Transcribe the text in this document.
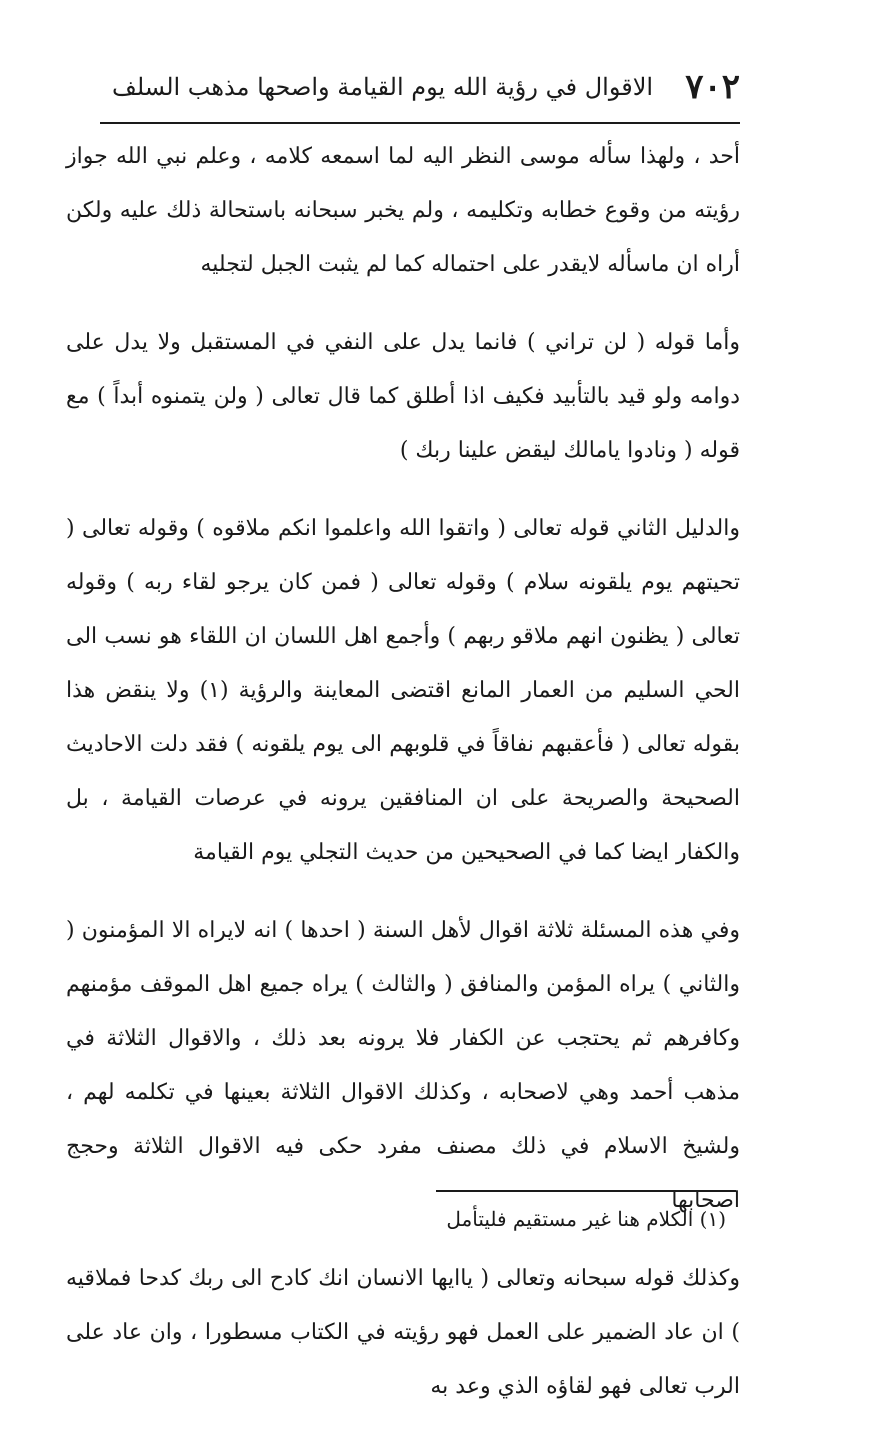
٧٠٢
الاقوال في رؤية الله يوم القيامة واصحها مذهب السلف

أحد ، ولهذا سأله موسى النظر اليه لما اسمعه كلامه ، وعلم نبي الله جواز رؤيته من وقوع خطابه وتكليمه ، ولم يخبر سبحانه باستحالة ذلك عليه ولكن أراه ان ماسأله لايقدر على احتماله كما لم يثبت الجبل لتجليه

وأما قوله ( لن تراني ) فانما يدل على النفي في المستقبل ولا يدل على دوامه ولو قيد بالتأبيد فكيف اذا أطلق كما قال تعالى ( ولن يتمنوه أبداً ) مع قوله ( ونادوا يامالك ليقض علينا ربك )

والدليل الثاني قوله تعالى ( واتقوا الله واعلموا انكم ملاقوه ) وقوله تعالى ( تحيتهم يوم يلقونه سلام ) وقوله تعالى ( فمن كان يرجو لقاء ربه ) وقوله تعالى ( يظنون انهم ملاقو ربهم ) وأجمع اهل اللسان ان اللقاء هو نسب الى الحي السليم من العمار المانع اقتضى المعاينة والرؤية (١) ولا ينقض هذا بقوله تعالى ( فأعقبهم نفاقاً في قلوبهم الى يوم يلقونه ) فقد دلت الاحاديث الصحيحة والصريحة على ان المنافقين يرونه في عرصات القيامة ، بل والكفار ايضا كما في الصحيحين من حديث التجلي يوم القيامة

وفي هذه المسئلة ثلاثة اقوال لأهل السنة ( احدها ) انه لايراه الا المؤمنون ( والثاني ) يراه المؤمن والمنافق ( والثالث ) يراه جميع اهل الموقف مؤمنهم وكافرهم ثم يحتجب عن الكفار فلا يرونه بعد ذلك ، والاقوال الثلاثة في مذهب أحمد وهي لاصحابه ، وكذلك الاقوال الثلاثة بعينها في تكلمه لهم ، ولشيخ الاسلام في ذلك مصنف مفرد حكى فيه الاقوال الثلاثة وحجج اصحابها

وكذلك قوله سبحانه وتعالى ( ياايها الانسان انك كادح الى ربك كدحا فملاقيه ) ان عاد الضمير على العمل فهو رؤيته في الكتاب مسطورا ، وان عاد على الرب تعالى فهو لقاؤه الذي وعد به

(١) الكلام هنا غير مستقيم فليتأمل
